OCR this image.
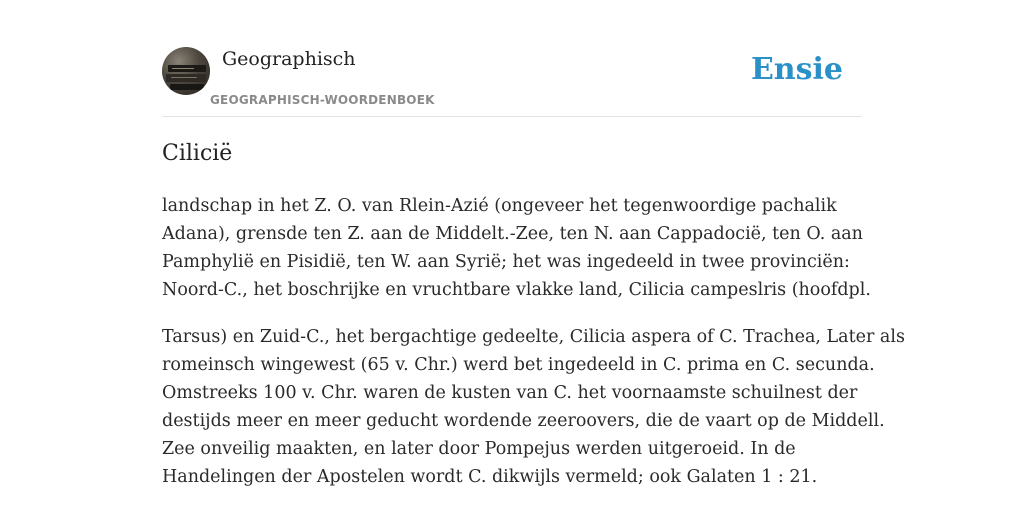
Geographisch
GEOGRAPHISCH-WOORDENBOEK
Ensie
Cilicië
landschap in het Z. O. van Rlein-Azié (ongeveer het tegenwoordige pachalik
Adana), grensde ten Z. aan de Middelt.-Zee, ten N. aan Cappadocië, ten O. aan
Pamphylië en Pisidië, ten W. aan Syrië; het was ingedeeld in twee provinciën:
Noord-C., het boschrijke en vruchtbare vlakke land, Cilicia campeslris (hoofdpl.
Tarsus) en Zuid-C., het bergachtige gedeelte, Cilicia aspera of C. Trachea, Later als
romeinsch wingewest (65 v. Chr.) werd bet ingedeeld in C. prima en C. secunda.
Omstreeks 100 v. Chr. waren de kusten van C. het voornaamste schuilnest der
destijds meer en meer geducht wordende zeeroovers, die de vaart op de Middell.
Zee onveilig maakten, en later door Pompejus werden uitgeroeid. In de
Handelingen der Apostelen wordt C. dikwijls vermeld; ook Galaten 1 : 21.
